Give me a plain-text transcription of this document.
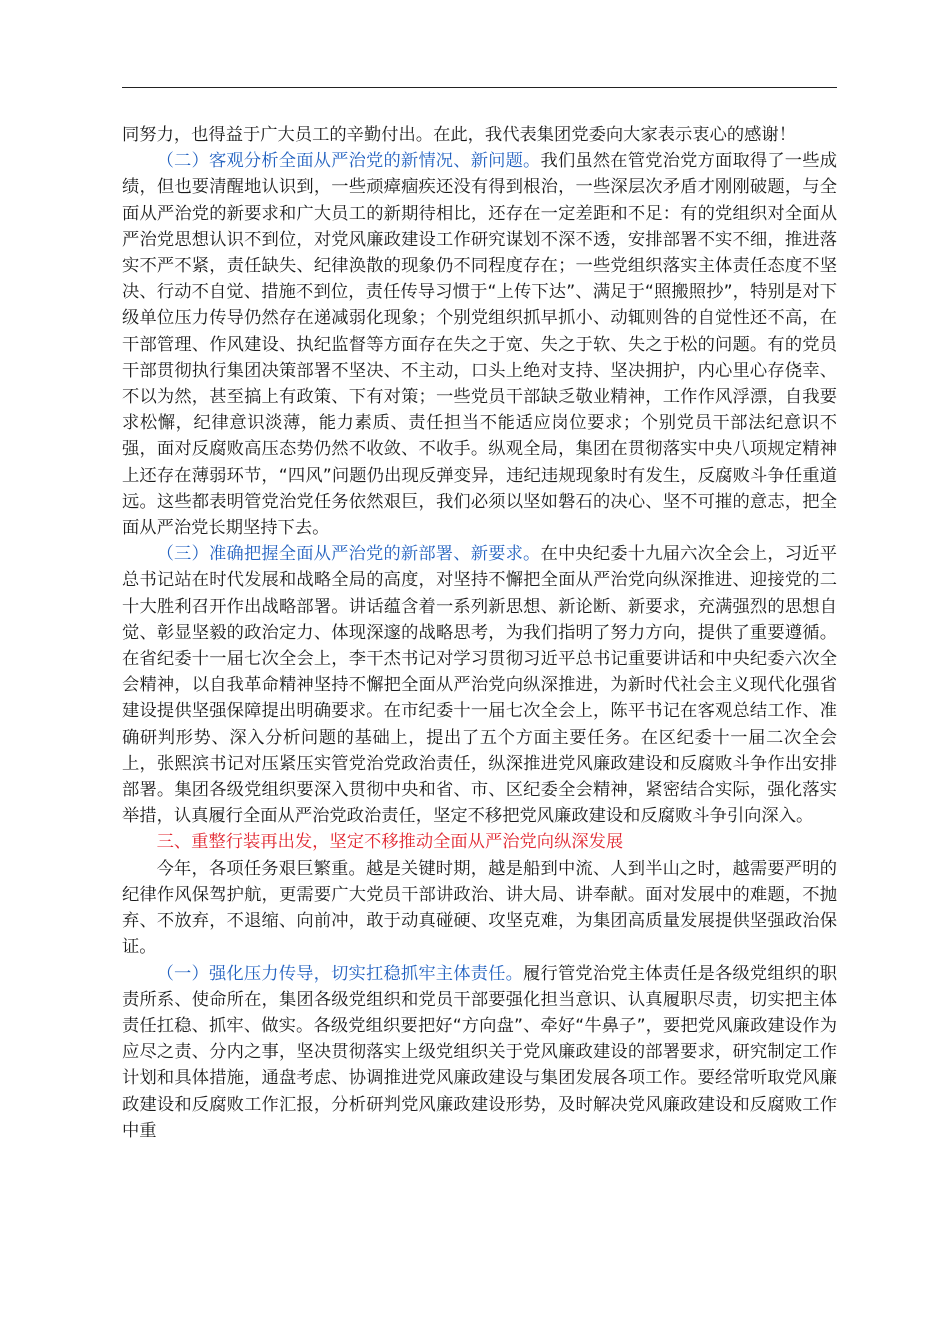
同努力，也得益于广大员工的辛勤付出。在此，我代表集团党委向大家表示衷心的感谢！

（二）客观分析全面从严治党的新情况、新问题。我们虽然在管党治党方面取得了一些成绩，但也要清醒地认识到，一些顽瘴痼疾还没有得到根治，一些深层次矛盾才刚刚破题，与全面从严治党的新要求和广大员工的新期待相比，还存在一定差距和不足：有的党组织对全面从严治党思想认识不到位，对党风廉政建设工作研究谋划不深不透，安排部署不实不细，推进落实不严不紧，责任缺失、纪律涣散的现象仍不同程度存在；一些党组织落实主体责任态度不坚决、行动不自觉、措施不到位，责任传导习惯于“上传下达”、满足于“照搬照抄”，特别是对下级单位压力传导仍然存在递减弱化现象；个别党组织抓早抓小、动辄则咎的自觉性还不高，在干部管理、作风建设、执纪监督等方面存在失之于宽、失之于软、失之于松的问题。有的党员干部贯彻执行集团决策部署不坚决、不主动，口头上绝对支持、坚决拥护，内心里心存侥幸、不以为然，甚至搞上有政策、下有对策；一些党员干部缺乏敬业精神，工作作风浮漂，自我要求松懈，纪律意识淡薄，能力素质、责任担当不能适应岗位要求；个别党员干部法纪意识不强，面对反腐败高压态势仍然不收敛、不收手。纵观全局，集团在贯彻落实中央八项规定精神上还存在薄弱环节，“四风”问题仍出现反弹变异，违纪违规现象时有发生，反腐败斗争任重道远。这些都表明管党治党任务依然艰巨，我们必须以坚如磐石的决心、坚不可摧的意志，把全面从严治党长期坚持下去。

（三）准确把握全面从严治党的新部署、新要求。在中央纪委十九届六次全会上，习近平总书记站在时代发展和战略全局的高度，对坚持不懈把全面从严治党向纵深推进、迎接党的二十大胜利召开作出战略部署。讲话蕴含着一系列新思想、新论断、新要求，充满强烈的思想自觉、彰显坚毅的政治定力、体现深邃的战略思考，为我们指明了努力方向，提供了重要遵循。在省纪委十一届七次全会上，李干杰书记对学习贯彻习近平总书记重要讲话和中央纪委六次全会精神，以自我革命精神坚持不懈把全面从严治党向纵深推进，为新时代社会主义现代化强省建设提供坚强保障提出明确要求。在市纪委十一届七次全会上，陈平书记在客观总结工作、准确研判形势、深入分析问题的基础上，提出了五个方面主要任务。在区纪委十一届二次全会上，张熙滨书记对压紧压实管党治党政治责任，纵深推进党风廉政建设和反腐败斗争作出安排部署。集团各级党组织要深入贯彻中央和省、市、区纪委全会精神，紧密结合实际，强化落实举措，认真履行全面从严治党政治责任，坚定不移把党风廉政建设和反腐败斗争引向深入。

三、重整行装再出发，坚定不移推动全面从严治党向纵深发展

今年，各项任务艰巨繁重。越是关键时期，越是船到中流、人到半山之时，越需要严明的纪律作风保驾护航，更需要广大党员干部讲政治、讲大局、讲奉献。面对发展中的难题，不抛弃、不放弃，不退缩、向前冲，敢于动真碰硬、攻坚克难，为集团高质量发展提供坚强政治保证。

（一）强化压力传导，切实扛稳抓牢主体责任。履行管党治党主体责任是各级党组织的职责所系、使命所在，集团各级党组织和党员干部要强化担当意识、认真履职尽责，切实把主体责任扛稳、抓牢、做实。各级党组织要把好“方向盘”、牵好“牛鼻子”，要把党风廉政建设作为应尽之责、分内之事，坚决贯彻落实上级党组织关于党风廉政建设的部署要求，研究制定工作计划和具体措施，通盘考虑、协调推进党风廉政建设与集团发展各项工作。要经常听取党风廉政建设和反腐败工作汇报，分析研判党风廉政建设形势，及时解决党风廉政建设和反腐败工作中重
